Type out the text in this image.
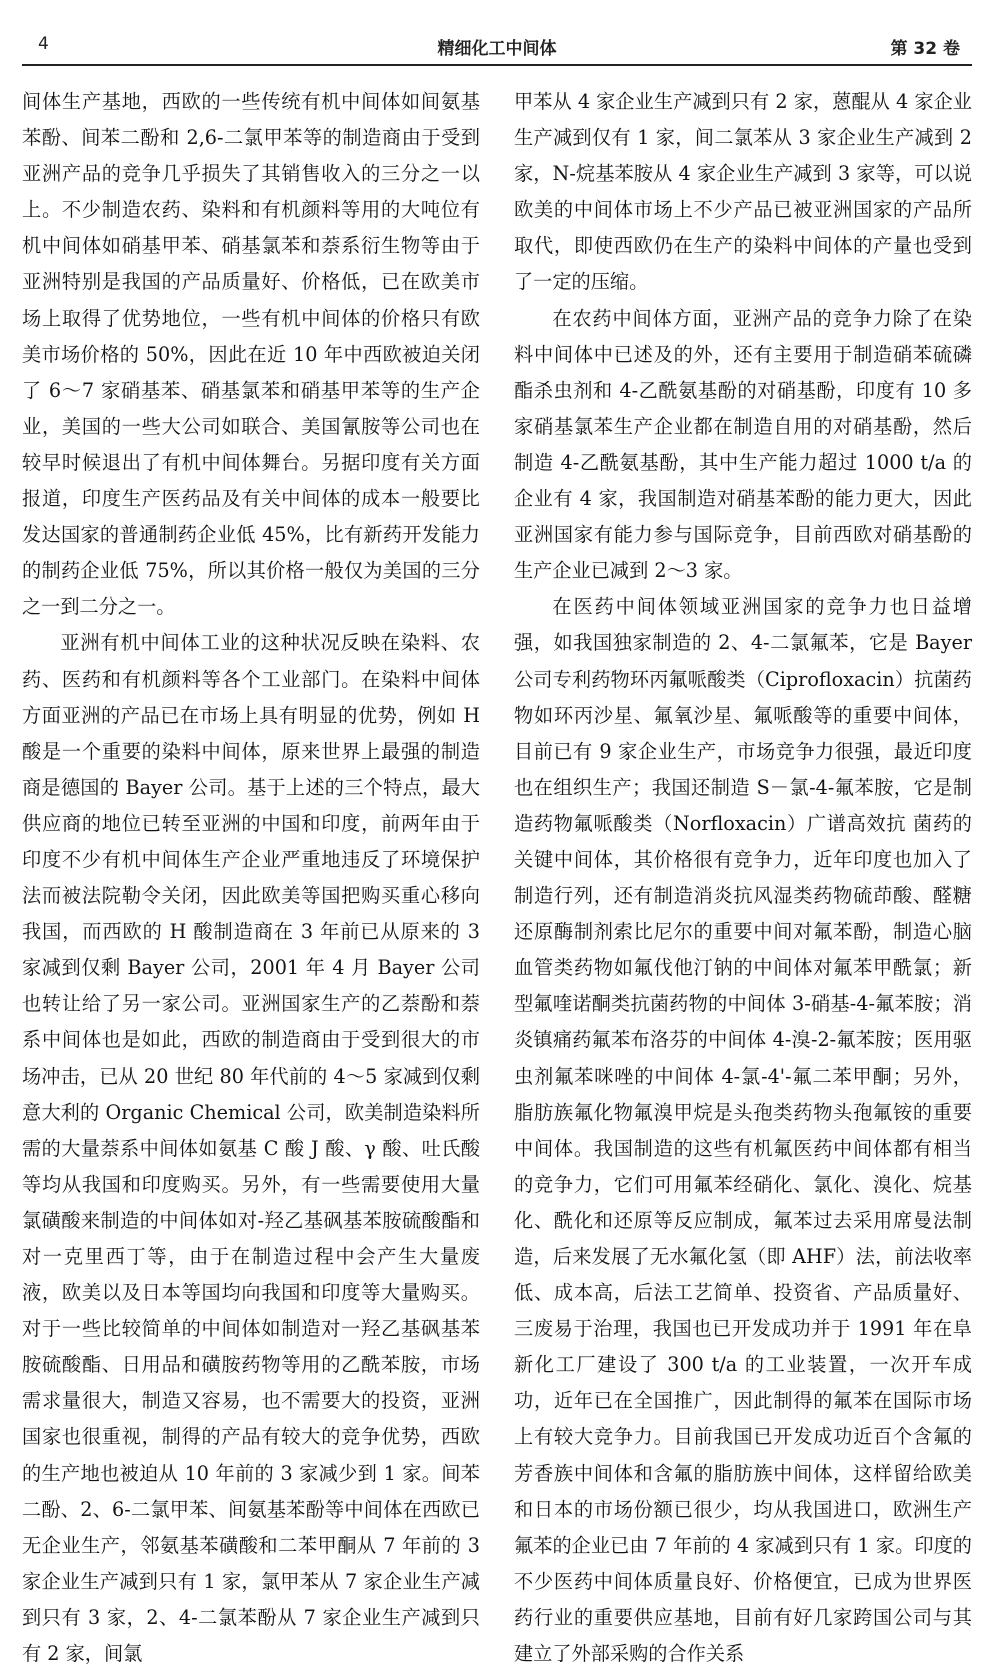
4	精细化工中间体	第 32 卷

间体生产基地，西欧的一些传统有机中间体如间氨基苯酚、间苯二酚和 2,6-二氯甲苯等的制造商由于受到亚洲产品的竞争几乎损失了其销售收入的三分之一以上。不少制造农药、染料和有机颜料等用的大吨位有机中间体如硝基甲苯、硝基氯苯和萘系衍生物等由于亚洲特别是我国的产品质量好、价格低，已在欧美市场上取得了优势地位，一些有机中间体的价格只有欧美市场价格的 50%，因此在近 10 年中西欧被迫关闭了 6～7 家硝基苯、硝基氯苯和硝基甲苯等的生产企业，美国的一些大公司如联合、美国氰胺等公司也在较早时候退出了有机中间体舞台。另据印度有关方面报道，印度生产医药品及有关中间体的成本一般要比发达国家的普通制药企业低 45%，比有新药开发能力的制药企业低 75%，所以其价格一般仅为美国的三分之一到二分之一。

亚洲有机中间体工业的这种状况反映在染料、农药、医药和有机颜料等各个工业部门。在染料中间体方面亚洲的产品已在市场上具有明显的优势，例如 H 酸是一个重要的染料中间体，原来世界上最强的制造商是德国的 Bayer 公司。基于上述的三个特点，最大供应商的地位已转至亚洲的中国和印度，前两年由于印度不少有机中间体生产企业严重地违反了环境保护法而被法院勒令关闭，因此欧美等国把购买重心移向我国，而西欧的 H 酸制造商在 3 年前已从原来的 3 家减到仅剩 Bayer 公司，2001 年 4 月 Bayer 公司也转让给了另一家公司。亚洲国家生产的乙萘酚和萘系中间体也是如此，西欧的制造商由于受到很大的市场冲击，已从 20 世纪 80 年代前的 4～5 家减到仅剩意大利的 Organic Chemical 公司，欧美制造染料所需的大量萘系中间体如氨基 C 酸 J 酸、γ 酸、吐氏酸等均从我国和印度购买。另外，有一些需要使用大量氯磺酸来制造的中间体如对-羟乙基砜基苯胺硫酸酯和对一克里西丁等，由于在制造过程中会产生大量废液，欧美以及日本等国均向我国和印度等大量购买。对于一些比较简单的中间体如制造对一羟乙基砜基苯胺硫酸酯、日用品和磺胺药物等用的乙酰苯胺，市场需求量很大，制造又容易，也不需要大的投资，亚洲国家也很重视，制得的产品有较大的竞争优势，西欧的生产地也被迫从 10 年前的 3 家减少到 1 家。间苯二酚、2、6-二氯甲苯、间氨基苯酚等中间体在西欧已无企业生产，邻氨基苯磺酸和二苯甲酮从 7 年前的 3 家企业生产减到只有 1 家，氯甲苯从 7 家企业生产减到只有 3 家，2、4-二氯苯酚从 7 家企业生产减到只有 2 家，间氯

甲苯从 4 家企业生产减到只有 2 家，蒽醌从 4 家企业生产减到仅有 1 家，间二氯苯从 3 家企业生产减到 2 家，N-烷基苯胺从 4 家企业生产减到 3 家等，可以说欧美的中间体市场上不少产品已被亚洲国家的产品所取代，即使西欧仍在生产的染料中间体的产量也受到了一定的压缩。

在农药中间体方面，亚洲产品的竞争力除了在染料中间体中已述及的外，还有主要用于制造硝苯硫磷酯杀虫剂和 4-乙酰氨基酚的对硝基酚，印度有 10 多家硝基氯苯生产企业都在制造自用的对硝基酚，然后制造 4-乙酰氨基酚，其中生产能力超过 1000 t/a 的企业有 4 家，我国制造对硝基苯酚的能力更大，因此亚洲国家有能力参与国际竞争，目前西欧对硝基酚的生产企业已减到 2～3 家。

在医药中间体领域亚洲国家的竞争力也日益增强，如我国独家制造的 2、4-二氯氟苯，它是 Bayer 公司专利药物环丙氟哌酸类（Ciprofloxacin）抗菌药物如环丙沙星、氟氧沙星、氟哌酸等的重要中间体，目前已有 9 家企业生产，市场竞争力很强，最近印度也在组织生产；我国还制造 S－氯-4-氟苯胺，它是制造药物氟哌酸类（Norfloxacin）广谱高效抗 菌药的关键中间体，其价格很有竞争力，近年印度也加入了制造行列，还有制造消炎抗风湿类药物硫茚酸、醛糖还原酶制剂索比尼尔的重要中间对氟苯酚，制造心脑血管类药物如氟伐他汀钠的中间体对氟苯甲酰氯；新型氟喹诺酮类抗菌药物的中间体 3-硝基-4-氟苯胺；消炎镇痛药氟苯布洛芬的中间体 4-溴-2-氟苯胺；医用驱虫剂氟苯咪唑的中间体 4-氯-4'-氟二苯甲酮；另外，脂肪族氟化物氟溴甲烷是头孢类药物头孢氟铵的重要中间体。我国制造的这些有机氟医药中间体都有相当的竞争力，它们可用氟苯经硝化、氯化、溴化、烷基化、酰化和还原等反应制成，氟苯过去采用席曼法制造，后来发展了无水氟化氢（即 AHF）法，前法收率低、成本高，后法工艺简单、投资省、产品质量好、三废易于治理，我国也已开发成功并于 1991 年在阜新化工厂建设了 300 t/a 的工业装置，一次开车成功，近年已在全国推广，因此制得的氟苯在国际市场上有较大竞争力。目前我国已开发成功近百个含氟的芳香族中间体和含氟的脂肪族中间体，这样留给欧美和日本的市场份额已很少，均从我国进口，欧洲生产氟苯的企业已由 7 年前的 4 家减到只有 1 家。印度的不少医药中间体质量良好、价格便宜，已成为世界医药行业的重要供应基地，目前有好几家跨国公司与其建立了外部采购的合作关系
